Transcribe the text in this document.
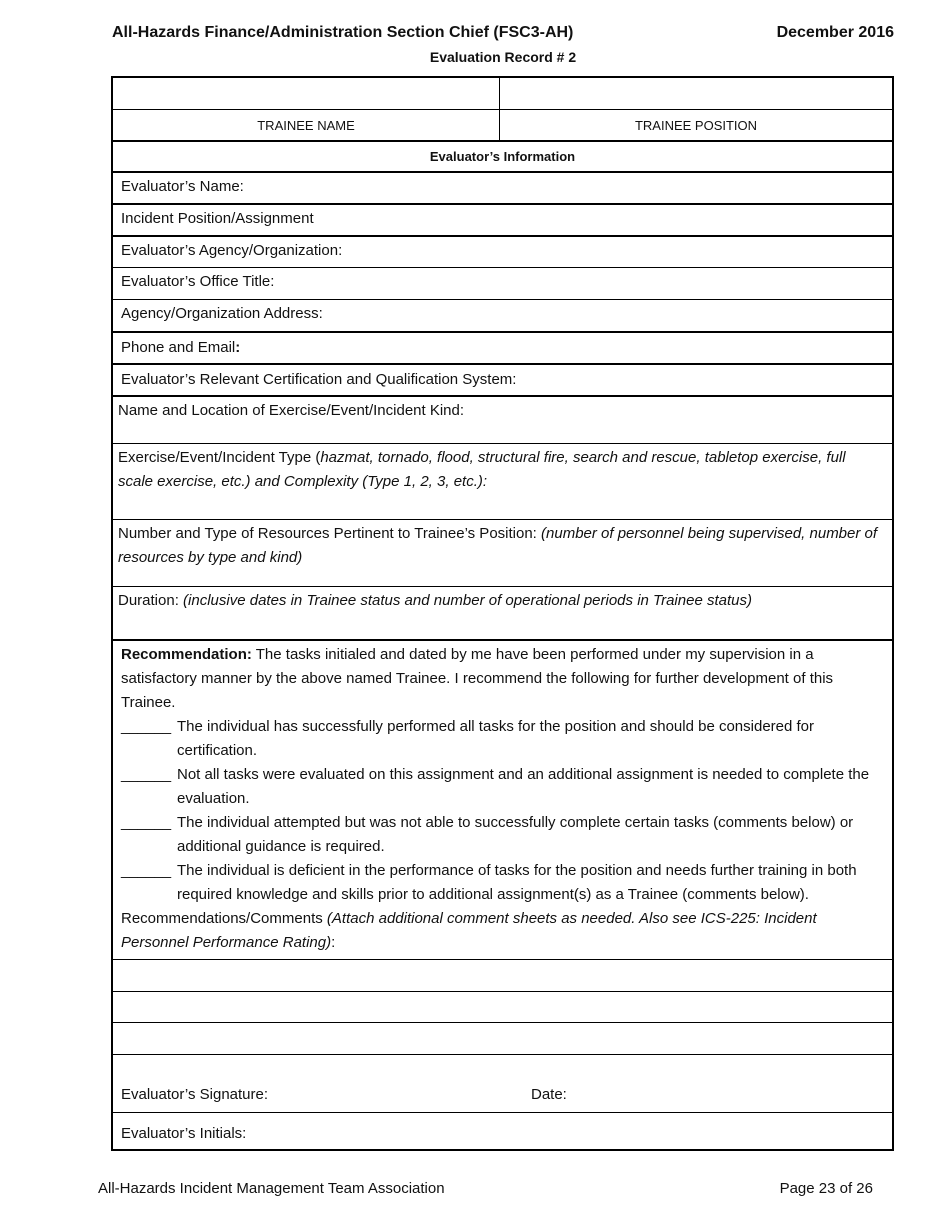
All-Hazards Finance/Administration Section Chief (FSC3-AH)	December 2016
Evaluation Record # 2
TRAINEE NAME	TRAINEE POSITION
Evaluator’s Information
Evaluator’s Name:
Incident Position/Assignment
Evaluator’s Agency/Organization:
Evaluator’s Office Title:
Agency/Organization Address:
Phone and Email:
Evaluator’s Relevant Certification and Qualification System:
Name and Location of Exercise/Event/Incident Kind:
Exercise/Event/Incident Type (hazmat, tornado, flood, structural fire, search and rescue, tabletop exercise, full scale exercise, etc.) and Complexity (Type 1, 2, 3, etc.):
Number and Type of Resources Pertinent to Trainee’s Position: (number of personnel being supervised, number of resources by type and kind)
Duration: (inclusive dates in Trainee status and number of operational periods in Trainee status)
Recommendation: The tasks initialed and dated by me have been performed under my supervision in a satisfactory manner by the above named Trainee. I recommend the following for further development of this Trainee.
______ The individual has successfully performed all tasks for the position and should be considered for certification.
______ Not all tasks were evaluated on this assignment and an additional assignment is needed to complete the evaluation.
______ The individual attempted but was not able to successfully complete certain tasks (comments below) or additional guidance is required.
______ The individual is deficient in the performance of tasks for the position and needs further training in both required knowledge and skills prior to additional assignment(s) as a Trainee (comments below).
Recommendations/Comments (Attach additional comment sheets as needed. Also see ICS-225: Incident Personnel Performance Rating):
Evaluator’s Signature:	Date:
Evaluator’s Initials:
All-Hazards Incident Management Team Association	Page 23 of 26
